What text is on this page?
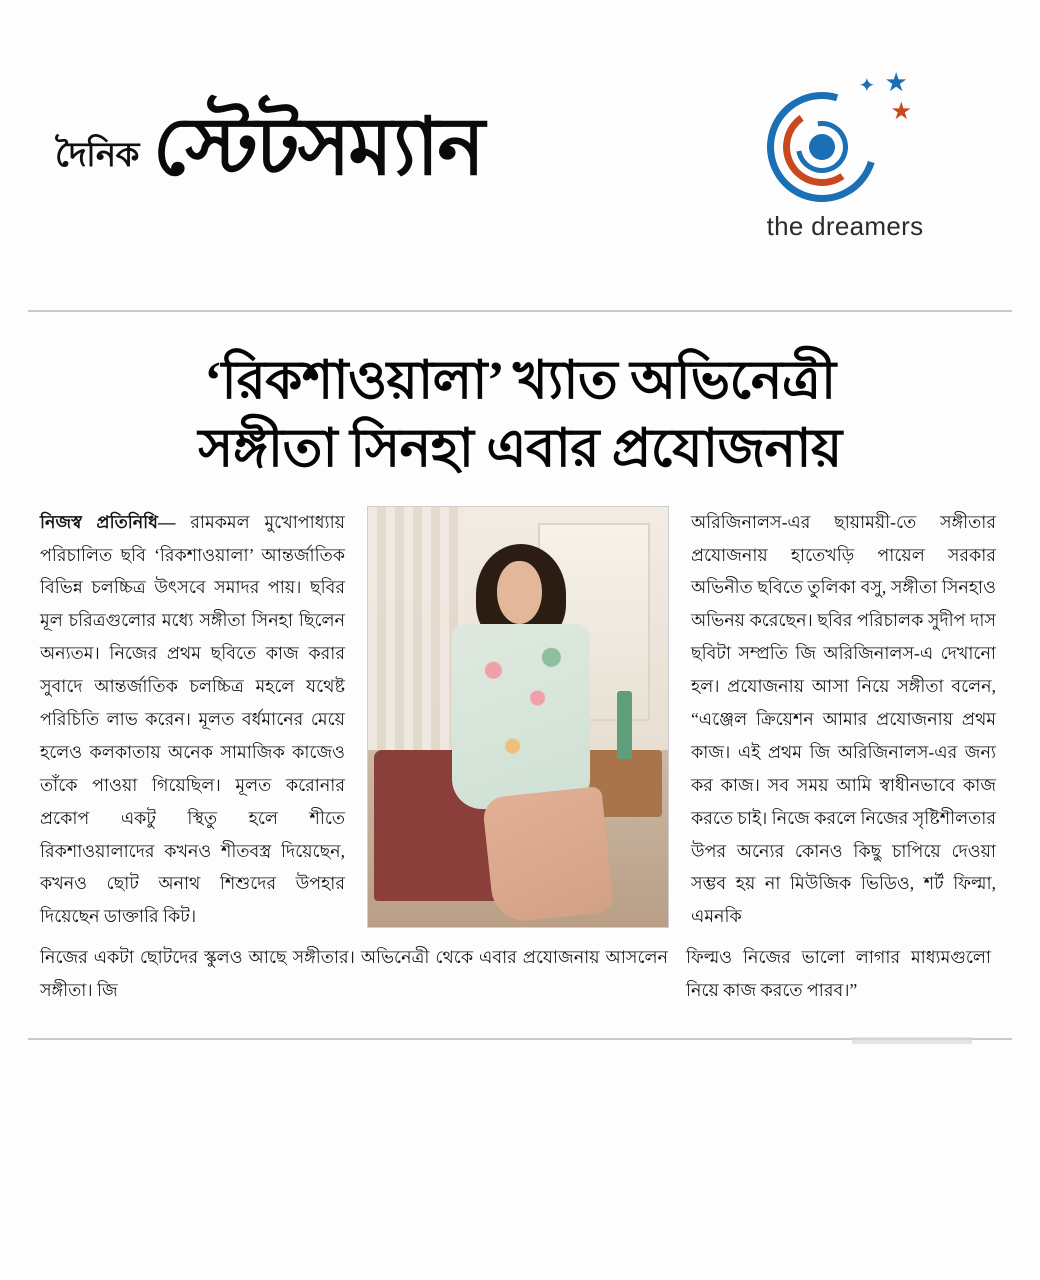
দৈনিক স্টেটসম্যান
✦ ★
★
the dreamers
‘রিকশাওয়ালা’ খ্যাত অভিনেত্রী
সঙ্গীতা সিনহা এবার প্রযোজনায়
নিজস্ব প্রতিনিধি— রামকমল মুখোপাধ্যায় পরিচালিত ছবি ‘রিকশাওয়ালা’ আন্তর্জাতিক বিভিন্ন চলচ্চিত্র উৎসবে সমাদর পায়। ছবির মূল চরিত্রগুলোর মধ্যে সঙ্গীতা সিনহা ছিলেন অন্যতম। নিজের প্রথম ছবিতে কাজ করার সুবাদে আন্তর্জাতিক চলচ্চিত্র মহলে যথেষ্ট পরিচিতি লাভ করেন। মূলত বর্ধমানের মেয়ে হলেও কলকাতায় অনেক সামাজিক কাজেও তাঁকে পাওয়া গিয়েছিল। মূলত করোনার প্রকোপ একটু স্থিতু হলে শীতে রিকশাওয়ালাদের কখনও শীতবস্ত্র দিয়েছেন, কখনও ছোট অনাথ শিশুদের উপহার দিয়েছেন ডাক্তারি কিট।
অরিজিনালস-এর ছায়াময়ী-তে সঙ্গীতার প্রযোজনায় হাতেখড়ি পায়েল সরকার অভিনীত ছবিতে তুলিকা বসু, সঙ্গীতা সিনহাও অভিনয় করেছেন। ছবির পরিচালক সুদীপ দাস ছবিটা সম্প্রতি জি অরিজিনালস-এ দেখানো হল। প্রযোজনায় আসা নিয়ে সঙ্গীতা বলেন, “এঞ্জেল ক্রিয়েশন আমার প্রযোজনায় প্রথম কাজ। এই প্রথম জি অরিজিনালস-এর জন্য কর কাজ। সব সময় আমি স্বাধীনভাবে কাজ করতে চাই। নিজে করলে নিজের সৃষ্টিশীলতার উপর অন্যের কোনও কিছু চাপিয়ে দেওয়া সম্ভব হয় না মিউজিক ভিডিও, শর্ট ফিল্মা, এমনকি
নিজের একটা ছোটদের স্কুলও আছে সঙ্গীতার। অভিনেত্রী থেকে এবার প্রযোজনায় আসলেন সঙ্গীতা। জি
ফিল্মও নিজের ভালো লাগার মাধ্যমগুলো নিয়ে কাজ করতে পারব।”
